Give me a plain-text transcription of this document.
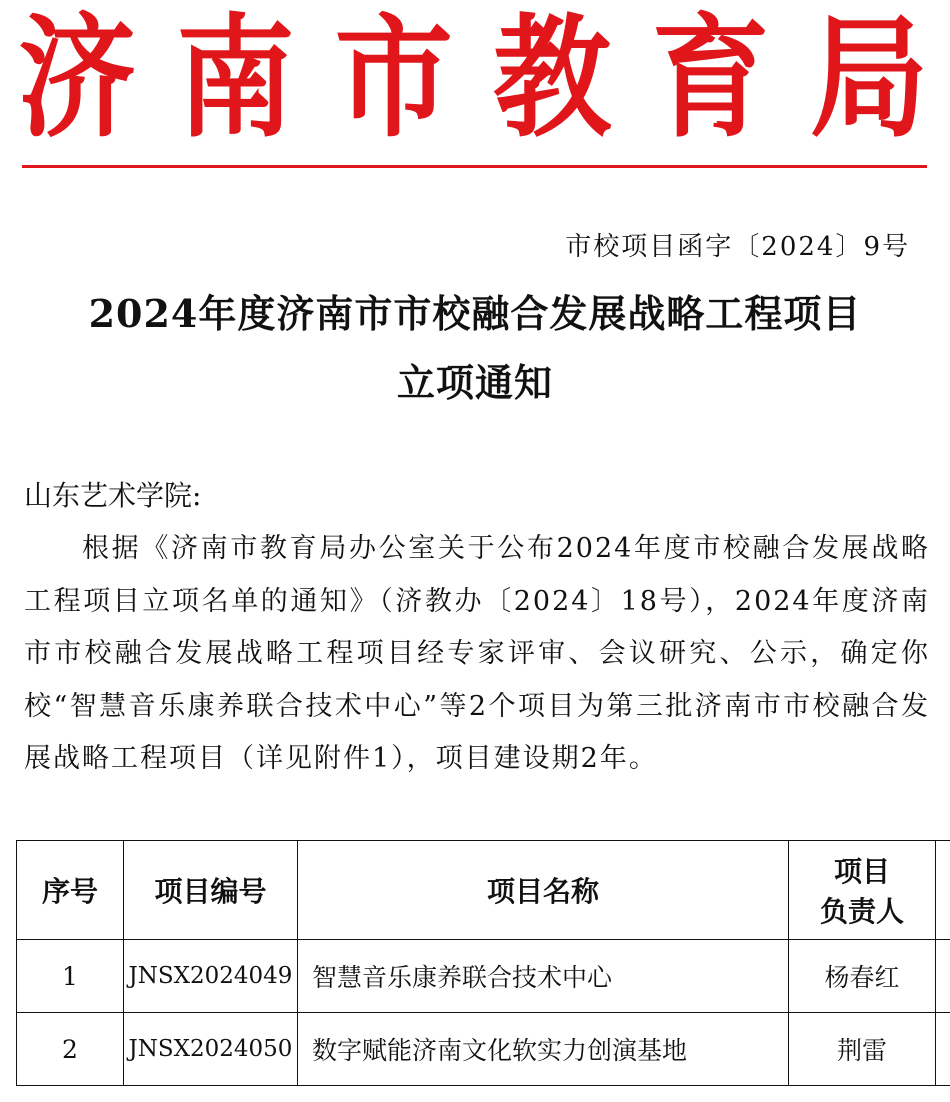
济 南 市 教 育 局
市校项目函字〔2024〕9号
2024年度济南市市校融合发展战略工程项目
立项通知
山东艺术学院:
根据《济南市教育局办公室关于公布2024年度市校融合发展战略工程项目立项名单的通知》（济教办〔2024〕18号），2024年度济南市市校融合发展战略工程项目经专家评审、会议研究、公示，确定你校“智慧音乐康养联合技术中心”等2个项目为第三批济南市市校融合发展战略工程项目（详见附件1），项目建设期2年。
序号	项目编号	项目名称	项目
负责人	

1	JNSX2024049	智慧音乐康养联合技术中心	杨春红	
2	JNSX2024050	数字赋能济南文化软实力创演基地	荆雷	
